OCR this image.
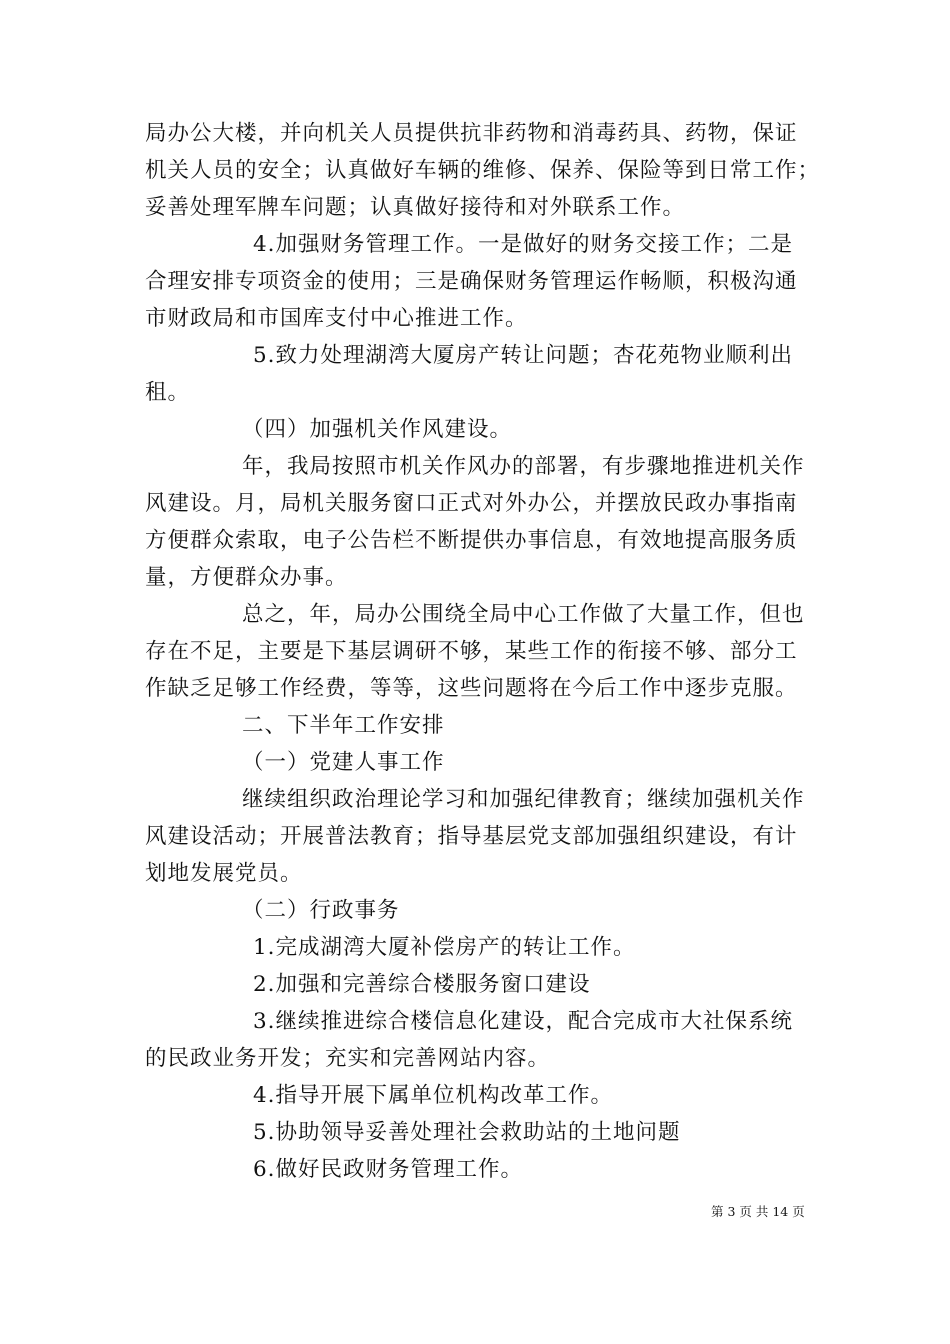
局办公大楼，并向机关人员提供抗非药物和消毒药具、药物，保证
机关人员的安全；认真做好车辆的维修、保养、保险等到日常工作；
妥善处理军牌车问题；认真做好接待和对外联系工作。
4.加强财务管理工作。一是做好的财务交接工作；二是
合理安排专项资金的使用；三是确保财务管理运作畅顺，积极沟通
市财政局和市国库支付中心推进工作。
5.致力处理湖湾大厦房产转让问题；杏花苑物业顺利出
租。
（四）加强机关作风建设。
年，我局按照市机关作风办的部署，有步骤地推进机关作
风建设。月，局机关服务窗口正式对外办公，并摆放民政办事指南
方便群众索取，电子公告栏不断提供办事信息，有效地提高服务质
量，方便群众办事。
总之，年，局办公围绕全局中心工作做了大量工作，但也
存在不足，主要是下基层调研不够，某些工作的衔接不够、部分工
作缺乏足够工作经费，等等，这些问题将在今后工作中逐步克服。
二、下半年工作安排
（一）党建人事工作
继续组织政治理论学习和加强纪律教育；继续加强机关作
风建设活动；开展普法教育；指导基层党支部加强组织建设，有计
划地发展党员。
（二）行政事务
1.完成湖湾大厦补偿房产的转让工作。
2.加强和完善综合楼服务窗口建设
3.继续推进综合楼信息化建设，配合完成市大社保系统
的民政业务开发；充实和完善网站内容。
4.指导开展下属单位机构改革工作。
5.协助领导妥善处理社会救助站的土地问题
6.做好民政财务管理工作。
第 3 页 共 14 页
